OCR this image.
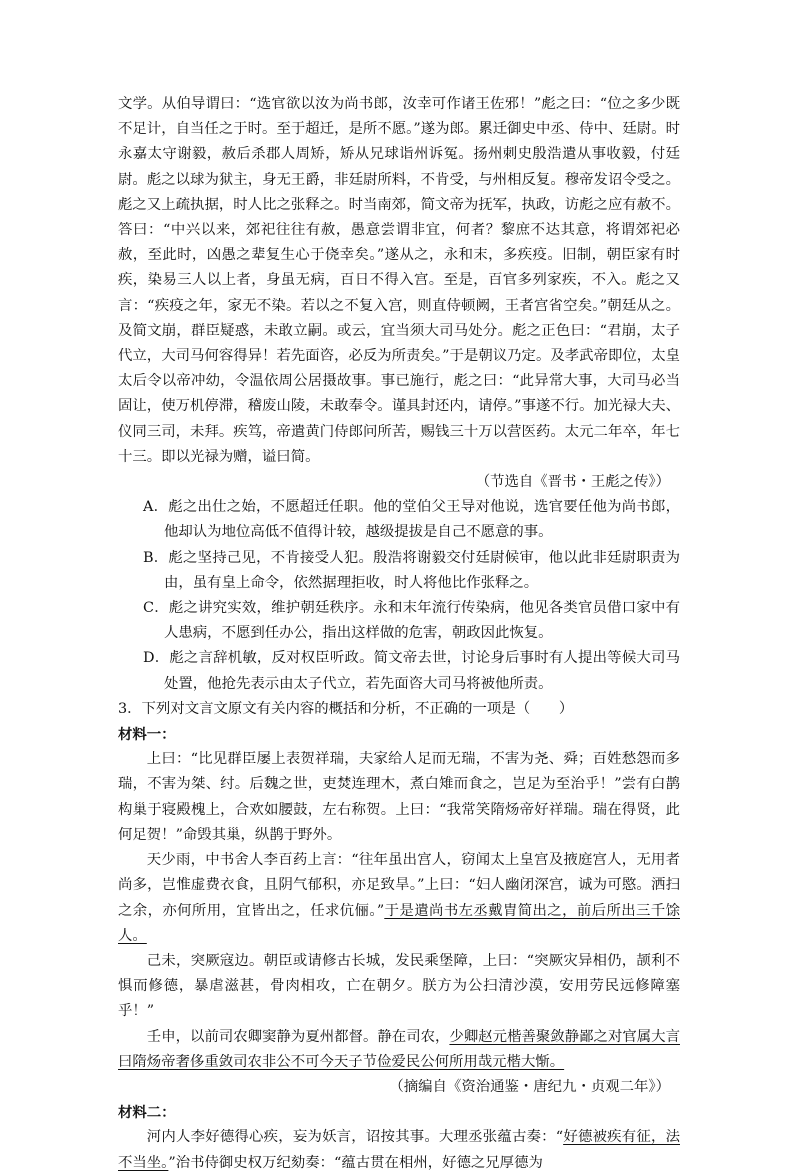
文学。从伯导谓曰：“选官欲以汝为尚书郎，汝幸可作诸王佐邪！”彪之曰：“位之多少既不足计，自当任之于时。至于超迁，是所不愿。”遂为郎。累迁御史中丞、侍中、廷尉。时永嘉太守谢毅，赦后杀郡人周矫，矫从兄球诣州诉冤。扬州刺史殷浩遣从事收毅，付廷尉。彪之以球为狱主，身无王爵，非廷尉所料，不肯受，与州相反复。穆帝发诏令受之。彪之又上疏执据，时人比之张释之。时当南郊，简文帝为抚军，执政，访彪之应有赦不。答曰：“中兴以来，郊祀往往有赦，愚意尝谓非宜，何者？黎庶不达其意，将谓郊祀必赦，至此时，凶愚之辈复生心于侥幸矣。”遂从之，永和末，多疾疫。旧制，朝臣家有时疾，染易三人以上者，身虽无病，百日不得入宫。至是，百官多列家疾，不入。彪之又言：“疾疫之年，家无不染。若以之不复入宫，则直侍顿阙，王者宫省空矣。”朝廷从之。及简文崩，群臣疑惑，未敢立嗣。或云，宜当须大司马处分。彪之正色曰：“君崩，太子代立，大司马何容得异！若先面咨，必反为所责矣。”于是朝议乃定。及孝武帝即位，太皇太后令以帝冲幼，令温依周公居摄故事。事已施行，彪之曰：“此异常大事，大司马必当固让，使万机停滞，稽废山陵，未敢奉令。谨具封还内，请停。”事遂不行。加光禄大夫、仪同三司，未拜。疾笃，帝遣黄门侍郎问所苦，赐钱三十万以营医药。太元二年卒，年七十三。即以光禄为赠，谥曰简。

（节选自《晋书・王彪之传》）

A．彪之出仕之始，不愿超迁任职。他的堂伯父王导对他说，选官要任他为尚书郎，他却认为地位高低不值得计较，越级提拔是自己不愿意的事。

B．彪之坚持己见，不肯接受人犯。殷浩将谢毅交付廷尉候审，他以此非廷尉职责为由，虽有皇上命令，依然据理拒收，时人将他比作张释之。

C．彪之讲究实效，维护朝廷秩序。永和末年流行传染病，他见各类官员借口家中有人患病，不愿到任办公，指出这样做的危害，朝政因此恢复。

D．彪之言辞机敏，反对权臣听政。简文帝去世，讨论身后事时有人提出等候大司马处置，他抢先表示由太子代立，若先面咨大司马将被他所责。

3．下列对文言文原文有关内容的概括和分析，不正确的一项是（　　）

材料一：

上曰：“比见群臣屡上表贺祥瑞，夫家给人足而无瑞，不害为尧、舜；百姓愁怨而多瑞，不害为桀、纣。后魏之世，吏焚连理木，煮白雉而食之，岂足为至治乎！”尝有白鹊构巢于寝殿槐上，合欢如腰鼓，左右称贺。上曰：“我常笑隋炀帝好祥瑞。瑞在得贤，此何足贺！”命毁其巢，纵鹊于野外。

天少雨，中书舍人李百药上言：“往年虽出宫人，窃闻太上皇宫及掖庭宫人，无用者尚多，岂惟虚费衣食，且阴气郁积，亦足致旱。”上曰：“妇人幽闭深宫，诚为可愍。洒扫之余，亦何所用，宜皆出之，任求伉俪。”于是遣尚书左丞戴胄简出之，前后所出三千馀人。

己未，突厥寇边。朝臣或请修古长城，发民乘堡障，上曰：“突厥灾异相仍，颉利不惧而修德，暴虐滋甚，骨肉相攻，亡在朝夕。朕方为公扫清沙漠，安用劳民远修障塞乎！”

壬申，以前司农卿窦静为夏州都督。静在司农，少卿赵元楷善聚敛静鄙之对官属大言曰隋炀帝奢侈重敛司农非公不可今天子节俭爱民公何所用哉元楷大惭。

（摘编自《资治通鉴・唐纪九・贞观二年》）

材料二：

河内人李好德得心疾，妄为妖言，诏按其事。大理丞张蕴古奏：“好德被疾有征，法不当坐。”治书侍御史权万纪劾奏：“蕴古贯在相州，好德之兄厚德为
